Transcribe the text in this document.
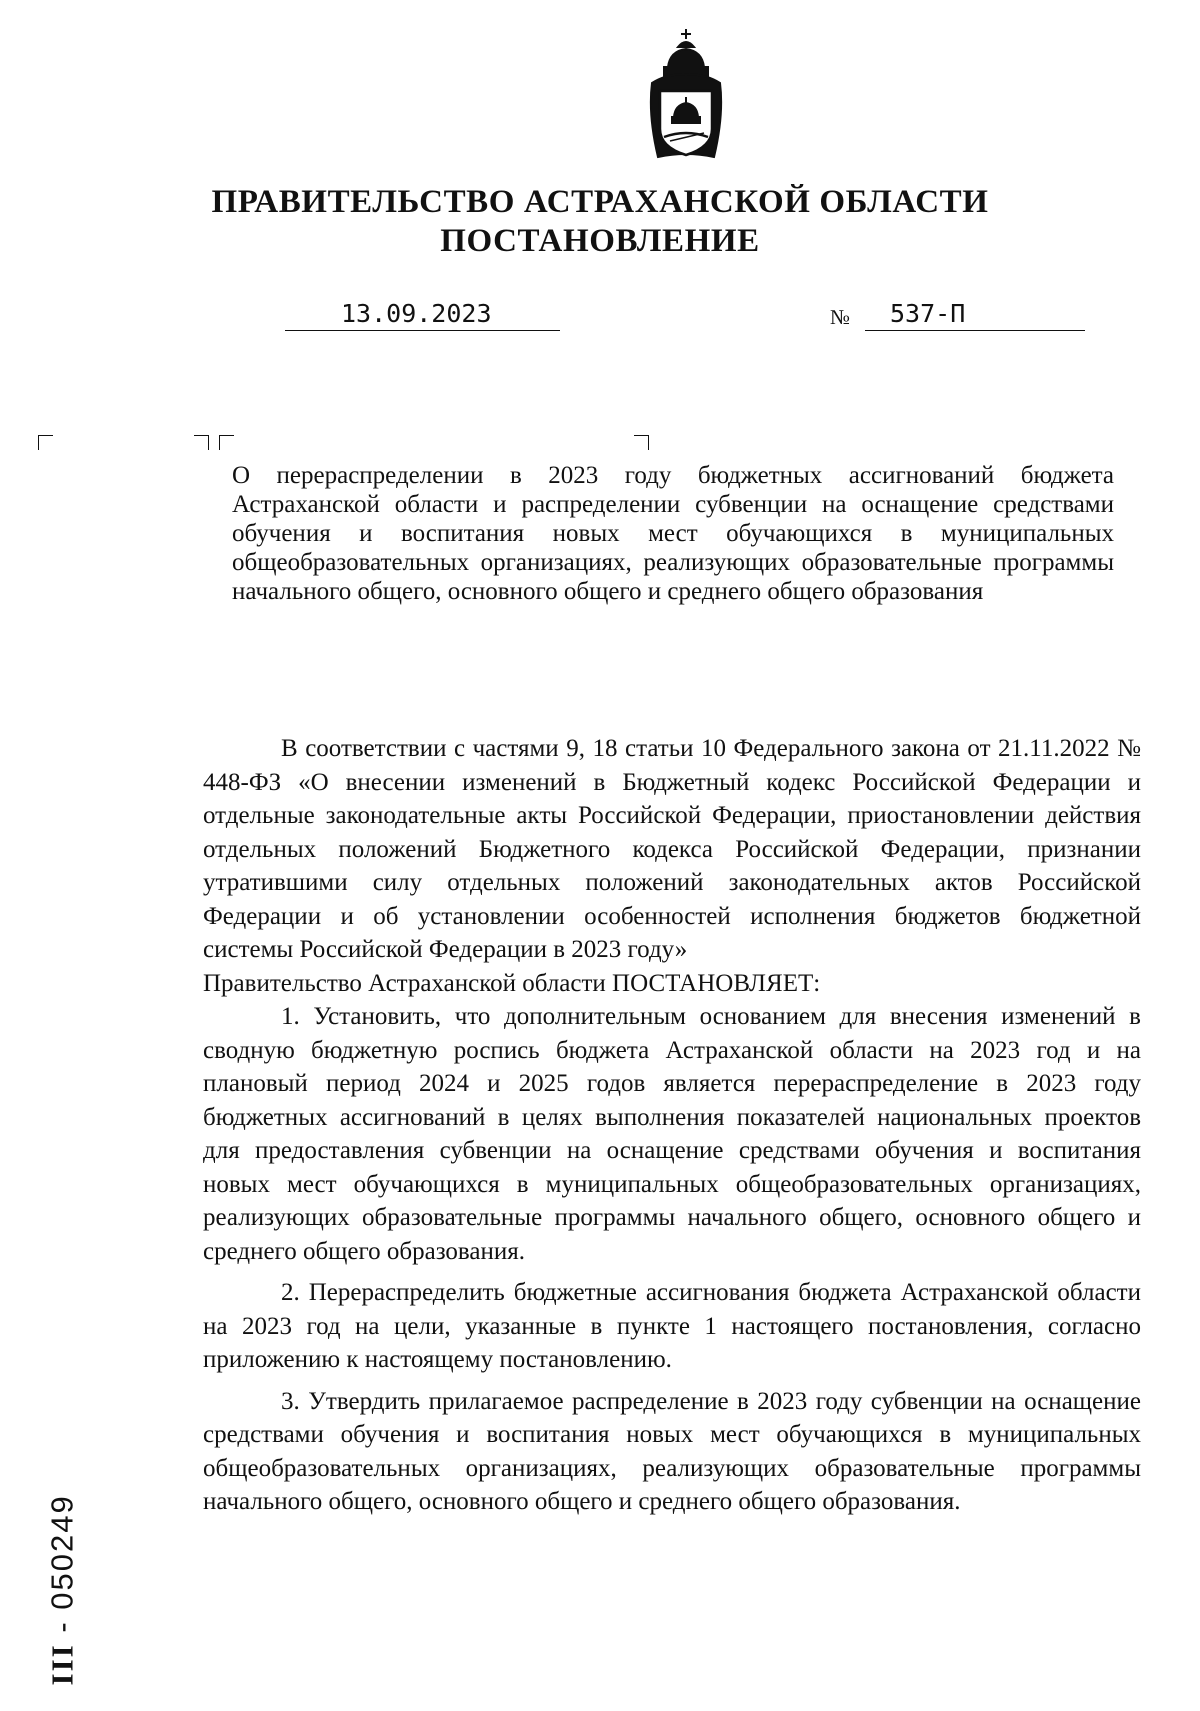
ПРАВИТЕЛЬСТВО АСТРАХАНСКОЙ ОБЛАСТИ
ПОСТАНОВЛЕНИЕ
13.09.2023	№	537-П
О перераспределении в 2023 году бюджетных ассигнований бюджета Астраханской области и распределении субвенции на оснащение средствами обучения и воспитания новых мест обучающихся в муниципальных общеобразовательных организациях, реализующих образовательные программы начального общего, основного общего и среднего общего образования

В соответствии с частями 9, 18 статьи 10 Федерального закона от 21.11.2022 № 448-ФЗ «О внесении изменений в Бюджетный кодекс Российской Федерации и отдельные законодательные акты Российской Федерации, приостановлении действия отдельных положений Бюджетного кодекса Российской Федерации, признании утратившими силу отдельных положений законодательных актов Российской Федерации и об установлении особенностей исполнения бюджетов бюджетной системы Российской Федерации в 2023 году»

Правительство Астраханской области ПОСТАНОВЛЯЕТ:

1. Установить, что дополнительным основанием для внесения изменений в сводную бюджетную роспись бюджета Астраханской области на 2023 год и на плановый период 2024 и 2025 годов является перераспределение в 2023 году бюджетных ассигнований в целях выполнения показателей национальных проектов для предоставления субвенции на оснащение средствами обучения и воспитания новых мест обучающихся в муниципальных общеобразовательных организациях, реализующих образовательные программы начального общего, основного общего и среднего общего образования.

2. Перераспределить бюджетные ассигнования бюджета Астраханской области на 2023 год на цели, указанные в пункте 1 настоящего постановления, согласно приложению к настоящему постановлению.

3. Утвердить прилагаемое распределение в 2023 году субвенции на оснащение средствами обучения и воспитания новых мест обучающихся в муниципальных общеобразовательных организациях, реализующих образовательные программы начального общего, основного общего и среднего общего образования.

III - 050249
